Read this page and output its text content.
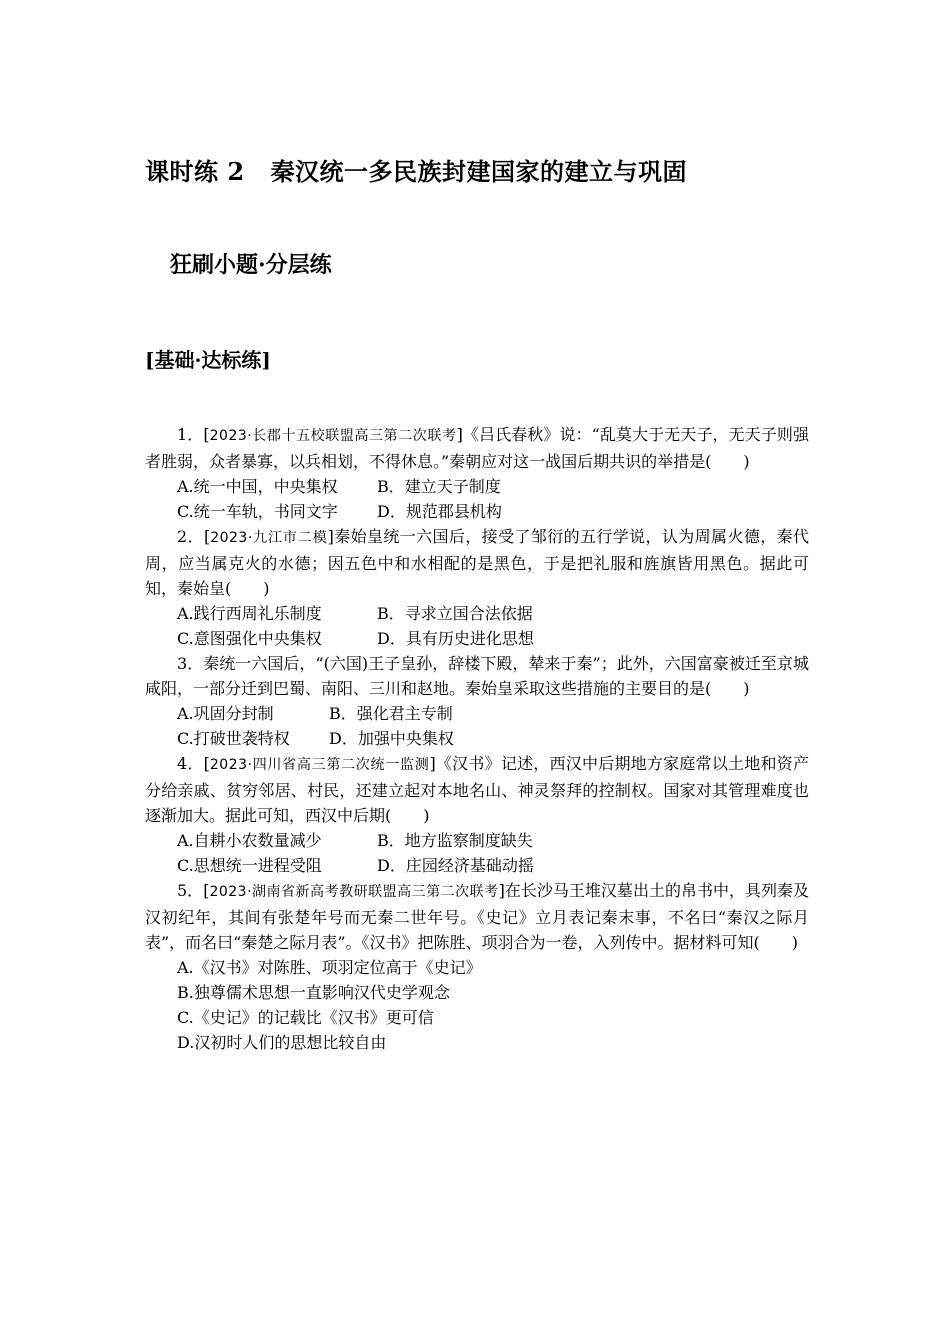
课时练 2 秦汉统一多民族封建国家的建立与巩固
狂刷小题·分层练
[基础·达标练]

1．[2023·长郡十五校联盟高三第二次联考]《吕氏春秋》说：“乱莫大于无天子，无天子则强者胜弱，众者暴寡，以兵相划，不得休息。”秦朝应对这一战国后期共识的举措是(　　)

A.统一中国，中央集权 B．建立天子制度

C.统一车轨，书同文字 D．规范郡县机构

2．[2023·九江市二模]秦始皇统一六国后，接受了邹衍的五行学说，认为周属火德，秦代周，应当属克火的水德；因五色中和水相配的是黑色，于是把礼服和旌旗皆用黑色。据此可知，秦始皇(　　)

A.践行西周礼乐制度	B．寻求立国合法依据

C.意图强化中央集权	D．具有历史进化思想

3．秦统一六国后，“(六国)王子皇孙，辞楼下殿，辇来于秦”；此外，六国富豪被迁至京城咸阳，一部分迁到巴蜀、南阳、三川和赵地。秦始皇采取这些措施的主要目的是(　　)

A.巩固分封制	B．强化君主专制

C.打破世袭特权 D．加强中央集权

4．[2023·四川省高三第二次统一监测]《汉书》记述，西汉中后期地方家庭常以土地和资产分给亲戚、贫穷邻居、村民，还建立起对本地名山、神灵祭拜的控制权。国家对其管理难度也逐渐加大。据此可知，西汉中后期(　　)

A.自耕小农数量减少	B．地方监察制度缺失

C.思想统一进程受阻	D．庄园经济基础动摇

5．[2023·湖南省新高考教研联盟高三第二次联考]在长沙马王堆汉墓出土的帛书中，具列秦及汉初纪年，其间有张楚年号而无秦二世年号。《史记》立月表记秦末事，不名曰“秦汉之际月表”，而名曰“秦楚之际月表”。《汉书》把陈胜、项羽合为一卷，入列传中。据材料可知(　　)

A.《汉书》对陈胜、项羽定位高于《史记》

B.独尊儒术思想一直影响汉代史学观念

C.《史记》的记载比《汉书》更可信

D.汉初时人们的思想比较自由
